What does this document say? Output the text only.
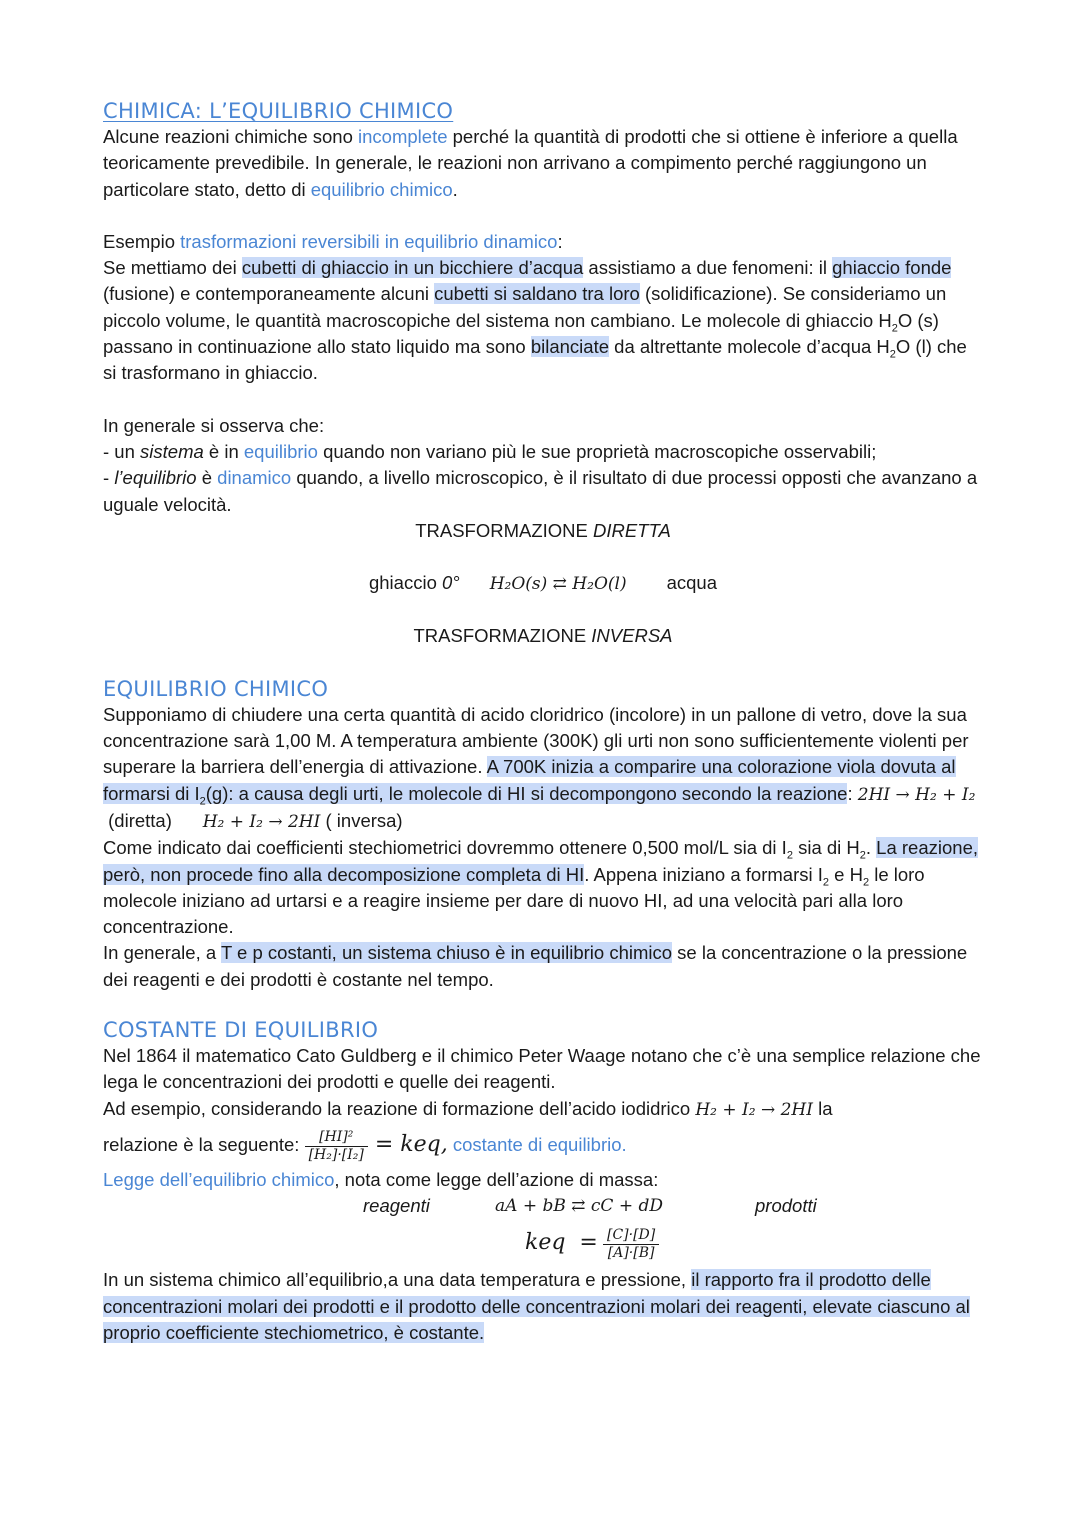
CHIMICA: L’EQUILIBRIO CHIMICO
Alcune reazioni chimiche sono incomplete perché la quantità di prodotti che si ottiene è inferiore a quella teoricamente prevedibile. In generale, le reazioni non arrivano a compimento perché raggiungono un particolare stato, detto di equilibrio chimico.
Esempio trasformazioni reversibili in equilibrio dinamico:
Se mettiamo dei cubetti di ghiaccio in un bicchiere d’acqua assistiamo a due fenomeni: il ghiaccio fonde (fusione) e contemporaneamente alcuni cubetti si saldano tra loro (solidificazione). Se consideriamo un piccolo volume, le quantità macroscopiche del sistema non cambiano. Le molecole di ghiaccio $H_2O$ (s) passano in continuazione allo stato liquido ma sono bilanciate da altrettante molecole d’acqua $H_2O$ (l) che si trasformano in ghiaccio.
In generale si osserva che:
- un sistema è in equilibrio quando non variano più le sue proprietà macroscopiche osservabili;
- l’equilibrio è dinamico quando, a livello microscopico, è il risultato di due processi opposti che avanzano a uguale velocità.
TRASFORMAZIONE DIRETTA
ghiaccio 0° H₂O(s) ⇄ H₂O(l) acqua
TRASFORMAZIONE INVERSA
EQUILIBRIO CHIMICO
Supponiamo di chiudere una certa quantità di acido cloridrico (incolore) in un pallone di vetro, dove la sua concentrazione sarà 1,00 M. A temperatura ambiente (300K) gli urti non sono sufficientemente violenti per superare la barriera dell’energia di attivazione. A 700K inizia a comparire una colorazione viola dovuta al formarsi di $I_2(g)$: a causa degli urti, le molecole di HI si decompongono secondo la reazione: 2HI → H₂ + I₂ (diretta)      H₂ + I₂ → 2HI ( inversa)
Come indicato dai coefficienti stechiometrici dovremmo ottenere 0,500 mol/L sia di $I_2$ sia di $H_2$. La reazione, però, non procede fino alla decomposizione completa di HI. Appena iniziano a formarsi $I_2$ e $H_2$ le loro molecole iniziano ad urtarsi e a reagire insieme per dare di nuovo HI, ad una velocità pari alla loro concentrazione.
In generale, a T e p costanti, un sistema chiuso è in equilibrio chimico se la concentrazione o la pressione dei reagenti e dei prodotti è costante nel tempo.
COSTANTE DI EQUILIBRIO
Nel 1864 il matematico Cato Guldberg e il chimico Peter Waage notano che c’è una semplice relazione che lega le concentrazioni dei prodotti e quelle dei reagenti.
Ad esempio, considerando la reazione di formazione dell’acido iodidrico H₂ + I₂ → 2HI la
relazione è la seguente: $\frac{\text{[HI]²}}{\text{[H₂]·[I₂]}}$ = keq, costante di equilibrio.
Legge dell’equilibrio chimico, nota come legge dell’azione di massa:
reagenti	aA + bB ⇄ cC + dD	prodotti
keq  = $\frac{[C]\cdot[D]}{[A]\cdot[B]}$
In un sistema chimico all’equilibrio,a una data temperatura e pressione, il rapporto fra il prodotto delle concentrazioni molari dei prodotti e il prodotto delle concentrazioni molari dei reagenti, elevate ciascuno al proprio coefficiente stechiometrico, è costante.
